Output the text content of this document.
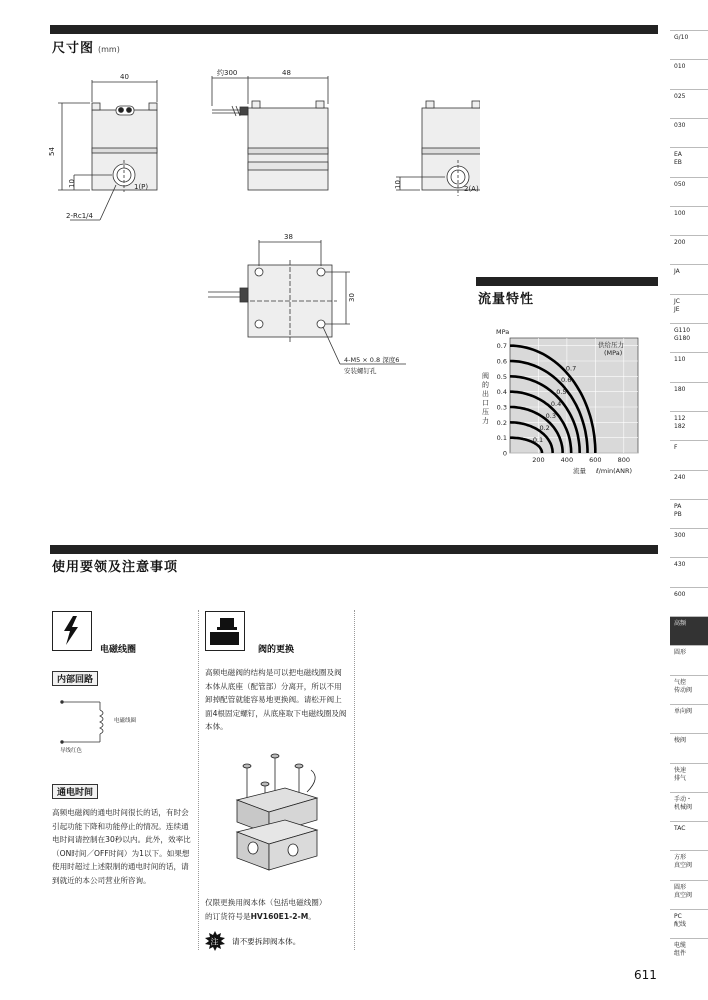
尺寸图 (mm)
40
54
10	1(P)
2-Rc1/4
约300	48
10	2(A)
38
30
4-M5 × 0.8 深度6
安装螺钉孔
流量特性
0
0.1
0.2
0.3
0.4
0.5
0.6
0.7
200 400 600 800
MPa
阀
的
出
口
压
力
流量 ℓ/min(ANR)
供给压力
(MPa)
0.7
0.6
0.5
0.4
0.3
0.2
0.1
使用要领及注意事项
电磁线圈
内部回路
电磁线圈
导线红色
通电时间
高频电磁阀的通电时间很长的话，有时会引起功能下降和功能停止的情况。连续通电时间请控制在30秒以内。此外，效率比（ON时间／OFF时间）为1以下。如果想使用时超过上述限制的通电时间的话，请到就近的本公司营业所咨询。
阀的更换
高频电磁阀的结构是可以把电磁线圈及阀本体从底座（配管部）分离开，所以不用卸掉配管就能容易地更换阀。请松开阀上面4根固定螺钉，从底座取下电磁线圈及阀本体。
仅限更换用阀本体（包括电磁线圈）
的订货符号是HV160E1-2-M。
注 请不要拆卸阀本体。
G/10
010
025
030
EA
EB
050
100
200
JA
JC
JE
G110
G180
110
180
112
182
F
240
PA
PB
300
430
600
高频
圆形
气控
传动阀
单向阀
梭阀
快速
排气
手动・
机械阀
TAC
方形
真空阀
圆形
真空阀
PC
配线
电缆
组件
611
